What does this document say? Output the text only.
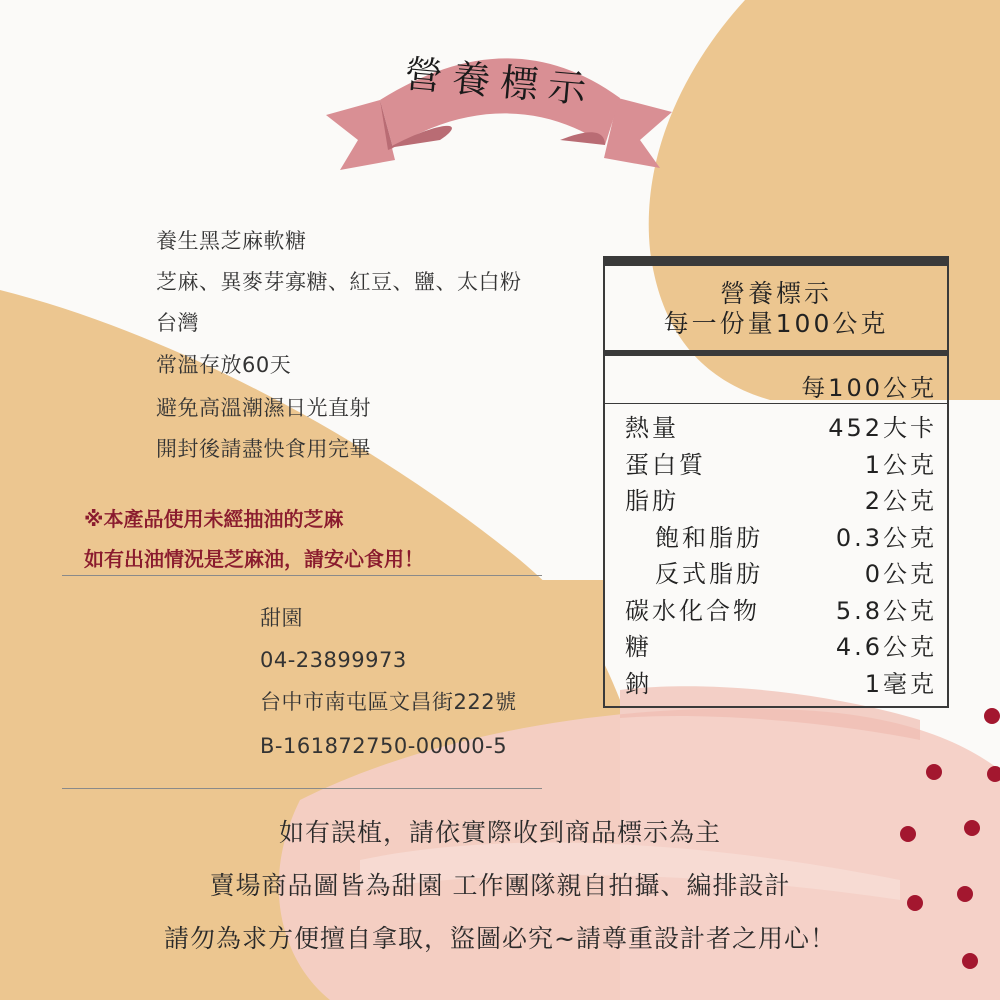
營養標示
養生黑芝麻軟糖
芝麻、異麥芽寡糖、紅豆、鹽、太白粉
台灣
常溫存放60天
避免高溫潮濕日光直射
開封後請盡快食用完畢
※本產品使用未經抽油的芝麻
如有出油情況是芝麻油，請安心食用！
甜園
04-23899973
台中市南屯區文昌街222號
B-161872750-00000-5
營養標示
每一份量100公克
每100公克
熱量	452大卡
蛋白質	1公克
脂肪	2公克
飽和脂肪	0.3公克
反式脂肪	0公克
碳水化合物	5.8公克
糖	4.6公克
鈉	1毫克
如有誤植，請依實際收到商品標示為主
賣場商品圖皆為甜園 工作團隊親自拍攝、編排設計
請勿為求方便擅自拿取，盜圖必究~請尊重設計者之用心！
